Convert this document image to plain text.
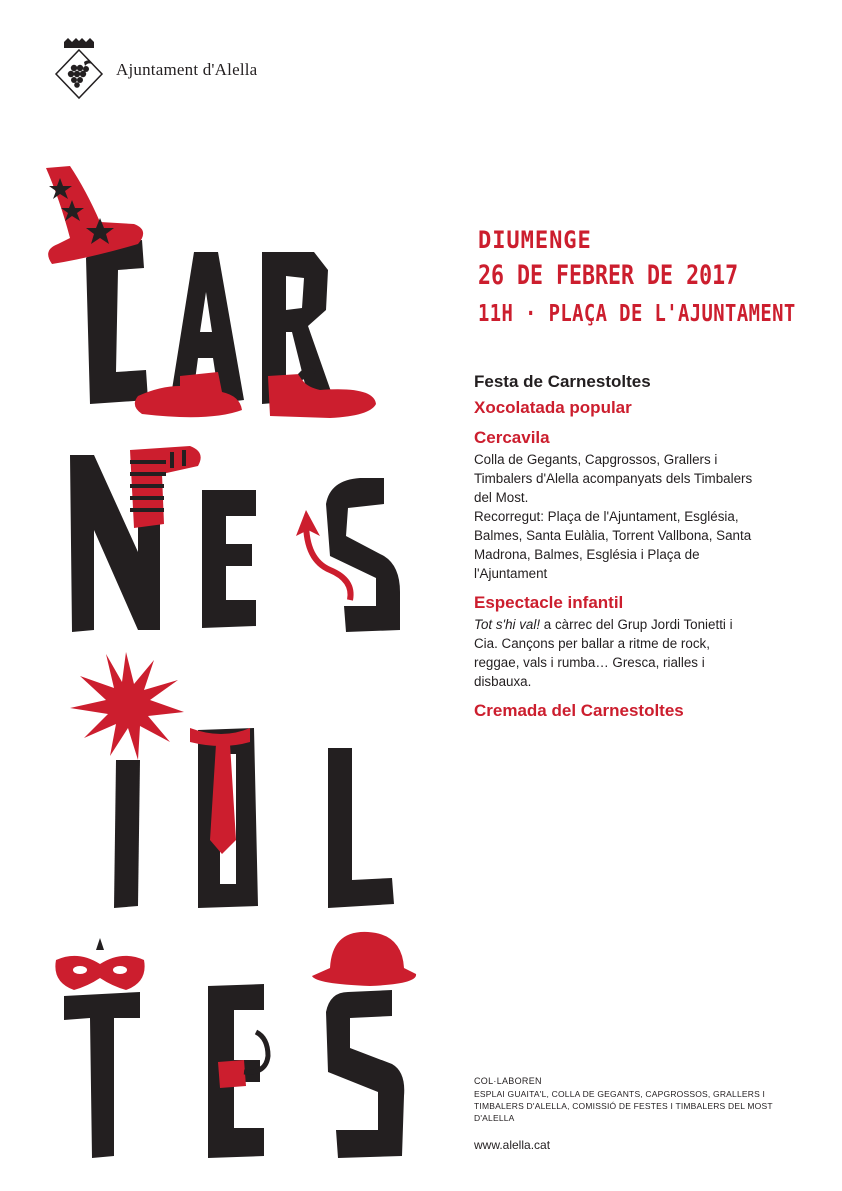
Ajuntament d'Alella
DIUMENGE
26 DE FEBRER DE 2017
11H · PLAÇA DE L'AJUNTAMENT

Festa de Carnestoltes

Xocolatada popular

Cercavila

Colla de Gegants, Capgrossos, Grallers i
Timbalers d'Alella acompanyats dels Timbalers
del Most.
Recorregut: Plaça de l'Ajuntament, Església,
Balmes, Santa Eulàlia, Torrent Vallbona, Santa
Madrona, Balmes, Església i Plaça de
l'Ajuntament

Espectacle infantil

Tot s'hi val! a càrrec del Grup Jordi Tonietti i
Cia. Cançons per ballar a ritme de rock,
reggae, vals i rumba… Gresca, rialles i
disbauxa.

Cremada del Carnestoltes

COL·LABOREN

ESPLAI GUAITA'L, COLLA DE GEGANTS, CAPGROSSOS, GRALLERS I
TIMBALERS D'ALELLA, COMISSIÓ DE FESTES I TIMBALERS DEL MOST
D'ALELLA

www.alella.cat
